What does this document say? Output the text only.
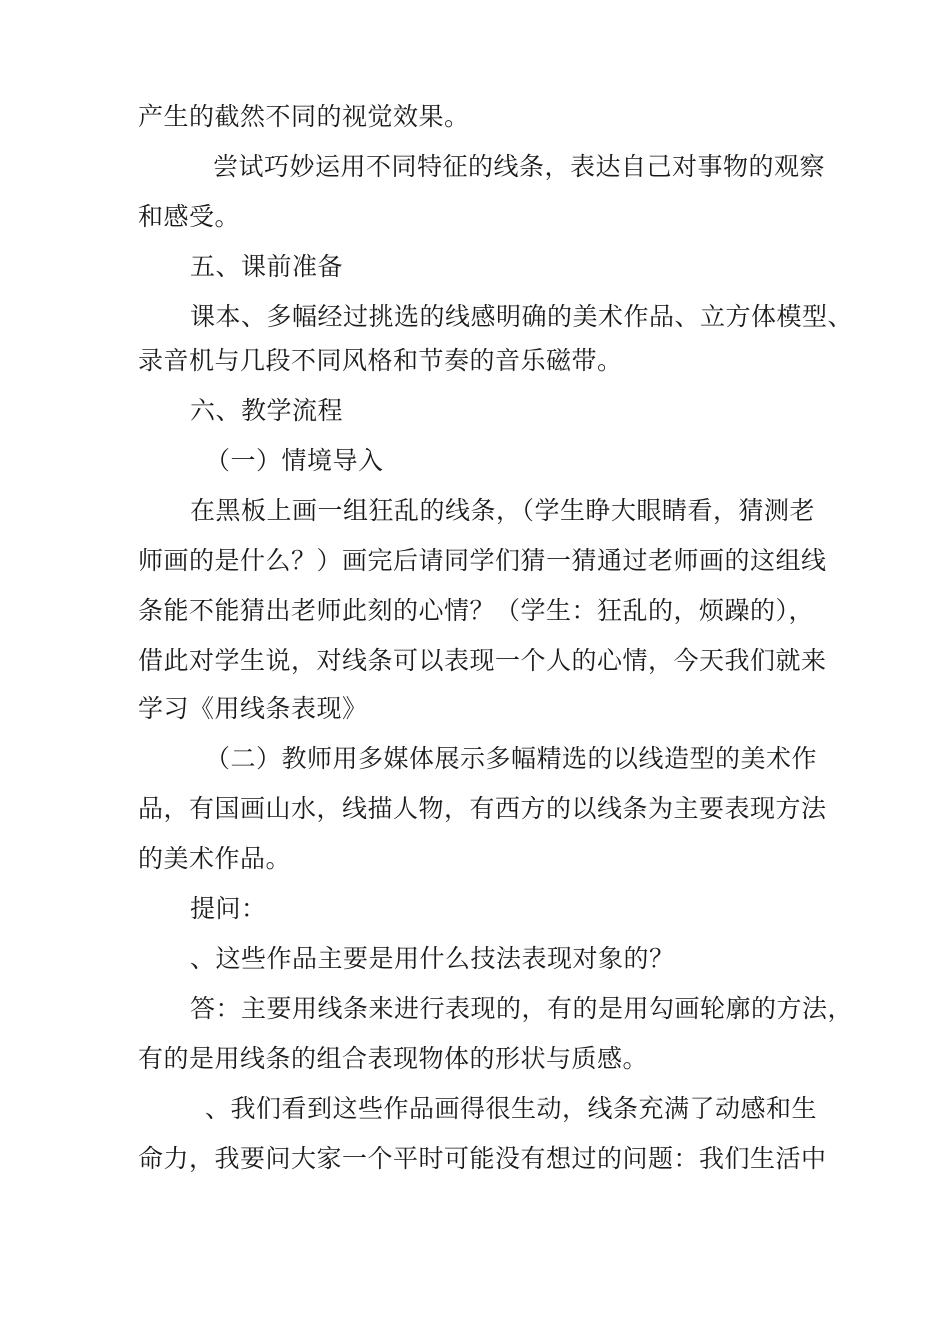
产生的截然不同的视觉效果。
尝试巧妙运用不同特征的线条，表达自己对事物的观察
和感受。
五、课前准备
课本、多幅经过挑选的线感明确的美术作品、立方体模型、
录音机与几段不同风格和节奏的音乐磁带。
六、教学流程
（一）情境导入
在黑板上画一组狂乱的线条，（学生睁大眼睛看，猜测老
师画的是什么？）画完后请同学们猜一猜通过老师画的这组线
条能不能猜出老师此刻的心情？（学生：狂乱的，烦躁的），
借此对学生说，对线条可以表现一个人的心情，今天我们就来
学习《用线条表现》
（二）教师用多媒体展示多幅精选的以线造型的美术作
品，有国画山水，线描人物，有西方的以线条为主要表现方法
的美术作品。
提问：
、这些作品主要是用什么技法表现对象的？
答：主要用线条来进行表现的，有的是用勾画轮廓的方法，
有的是用线条的组合表现物体的形状与质感。
、我们看到这些作品画得很生动，线条充满了动感和生
命力，我要问大家一个平时可能没有想过的问题：我们生活中
